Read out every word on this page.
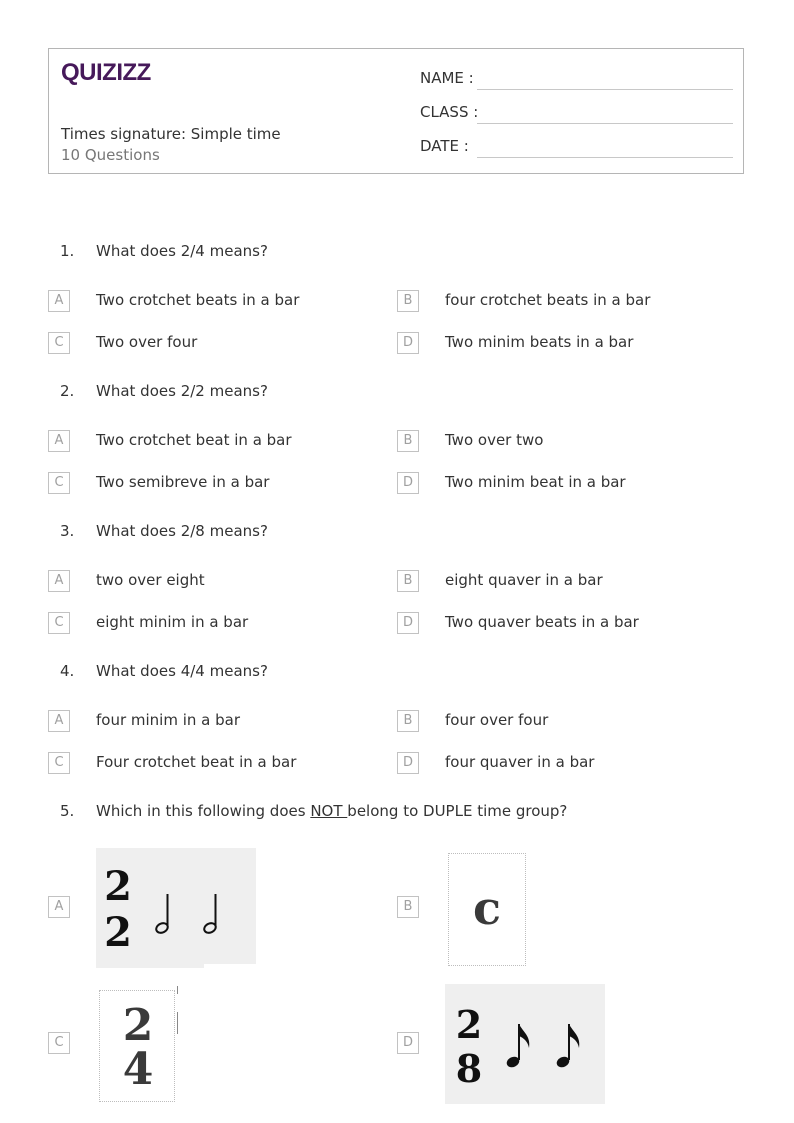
QUIZIZZ
Times signature: Simple time
10 Questions
NAME :
CLASS :
DATE :
1. What does 2/4 means?
A	Two crotchet beats in a bar	B	four crotchet beats in a bar
C	Two over four	D	Two minim beats in a bar
2. What does 2/2 means?
A	Two crotchet beat in a bar	B	Two over two
C	Two semibreve in a bar	D	Two minim beat in a bar
3. What does 2/8 means?
A	two over eight	B	eight quaver in a bar
C	eight minim in a bar	D	Two quaver beats in a bar
4. What does 4/4 means?
A	four minim in a bar	B	four over four
C	Four crotchet beat in a bar	D	four quaver in a bar
5. Which in this following does NOT belong to DUPLE time group?
A 2
2
B c
C 2
4
D 2
8
